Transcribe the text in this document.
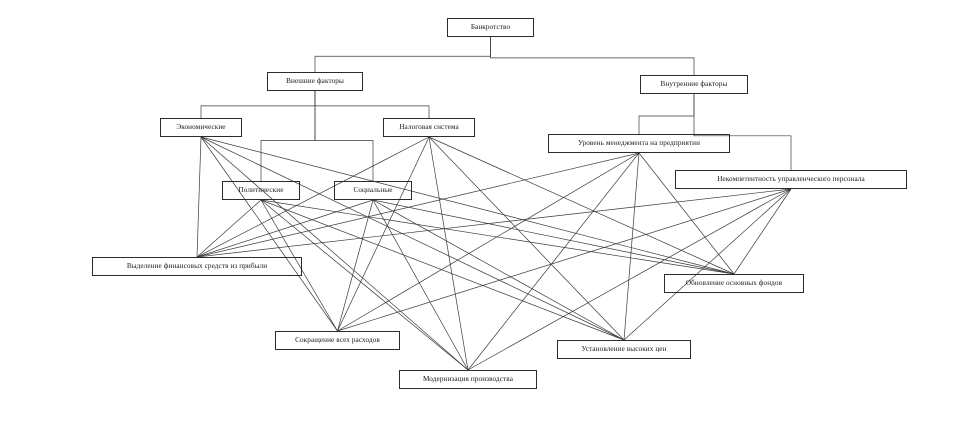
Банкротство
Внешние факторы	Внутренние факторы
Экономические	Налоговая система
Уровень менеджмента на предприятии
Некомпетентность управленческого персонала
Политические	Социальные
Выделение финансовых средств из прибыли
Обновление основных фондов
Сокращение всех расходов
Установление высоких цен
Модернизация производства
